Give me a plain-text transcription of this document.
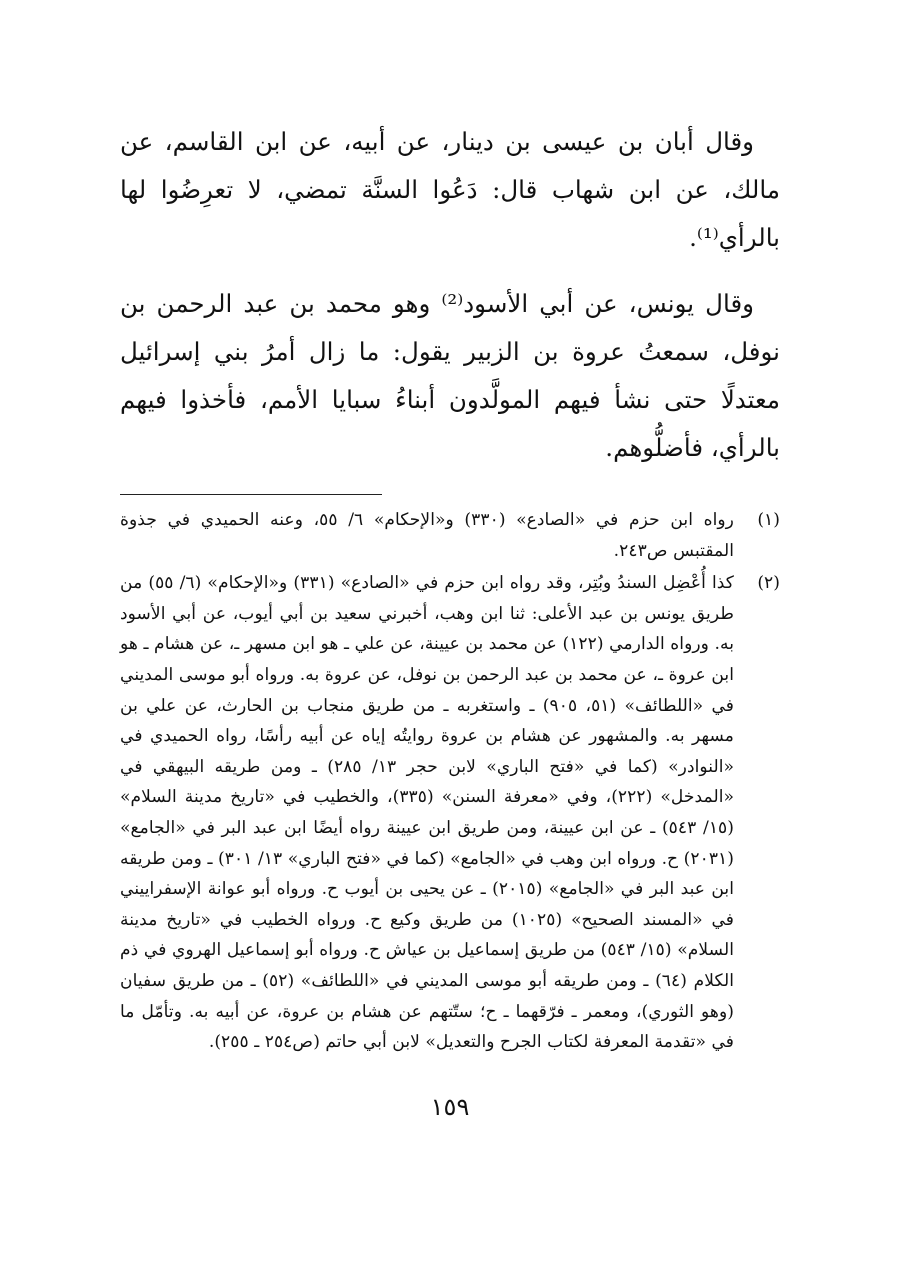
وقال أبان بن عيسى بن دينار، عن أبيه، عن ابن القاسم، عن مالك، عن ابن شهاب قال: دَعُوا السنَّة تمضي، لا تعرِضُوا لها بالرأي⁽¹⁾.

وقال يونس، عن أبي الأسود⁽²⁾ وهو محمد بن عبد الرحمن بن نوفل، سمعتُ عروة بن الزبير يقول: ما زال أمرُ بني إسرائيل معتدلًا حتى نشأ فيهم المولَّدون أبناءُ سبايا الأمم، فأخذوا فيهم بالرأي، فأضلُّوهم.

(١)
رواه ابن حزم في «الصادع» (٣٣٠) و«الإحكام» ٦/ ٥٥، وعنه الحميدي في جذوة المقتبس ص٢٤٣.
(٢)
كذا أُعْضِل السندُ وبُتِر، وقد رواه ابن حزم في «الصادع» (٣٣١) و«الإحكام» (٦/ ٥٥) من طريق يونس بن عبد الأعلى: ثنا ابن وهب، أخبرني سعيد بن أبي أيوب، عن أبي الأسود به. ورواه الدارمي (١٢٢) عن محمد بن عيينة، عن علي ـ هو ابن مسهر ـ، عن هشام ـ هو ابن عروة ـ، عن محمد بن عبد الرحمن بن نوفل، عن عروة به. ورواه أبو موسى المديني في «اللطائف» (٥١، ٩٠٥) ـ واستغربه ـ من طريق منجاب بن الحارث، عن علي بن مسهر به. والمشهور عن هشام بن عروة روايتُه إياه عن أبيه رأسًا، رواه الحميدي في «النوادر» (كما في «فتح الباري» لابن حجر ١٣/ ٢٨٥) ـ ومن طريقه البيهقي في «المدخل» (٢٢٢)، وفي «معرفة السنن» (٣٣٥)، والخطيب في «تاريخ مدينة السلام» (١٥/ ٥٤٣) ـ عن ابن عيينة، ومن طريق ابن عيينة رواه أيضًا ابن عبد البر في «الجامع» (٢٠٣١) ح. ورواه ابن وهب في «الجامع» (كما في «فتح الباري» ١٣/ ٣٠١) ـ ومن طريقه ابن عبد البر في «الجامع» (٢٠١٥) ـ عن يحيى بن أيوب ح. ورواه أبو عوانة الإسفراييني في «المسند الصحيح» (١٠٢٥) من طريق وكيع ح. ورواه الخطيب في «تاريخ مدينة السلام» (١٥/ ٥٤٣) من طريق إسماعيل بن عياش ح. ورواه أبو إسماعيل الهروي في ذم الكلام (٦٤) ـ ومن طريقه أبو موسى المديني في «اللطائف» (٥٢) ـ من طريق سفيان (وهو الثوري)، ومعمر ـ فرّقهما ـ ح؛ ستّتهم عن هشام بن عروة، عن أبيه به. وتأمّل ما في «تقدمة المعرفة لكتاب الجرح والتعديل» لابن أبي حاتم (ص٢٥٤ ـ ٢٥٥).
١٥٩
